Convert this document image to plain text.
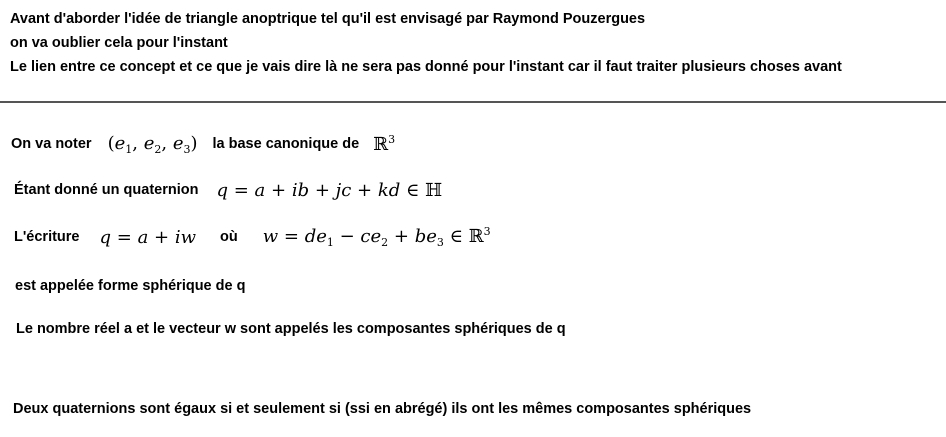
Avant d'aborder l'idée de triangle anoptrique tel qu'il est envisagé par Raymond Pouzergues
on va oublier cela pour l'instant
Le lien entre ce concept et ce que je vais dire là ne sera pas donné pour l'instant car il faut traiter plusieurs choses avant
On va noter ($e_1$, $e_2$, $e_3$) la base canonique de ℝ$^3$
Étant donné un quaternion q = a + ib + jc + kd ∈ ℍ
L'écriture q = a + iw où $w = de_1 - ce_2 + be_3$ ∈ ℝ$^3$
est appelée forme sphérique de q
Le nombre réel a et le vecteur w sont appelés les composantes sphériques de q
Deux quaternions sont égaux si et seulement si (ssi en abrégé) ils ont les mêmes composantes sphériques
